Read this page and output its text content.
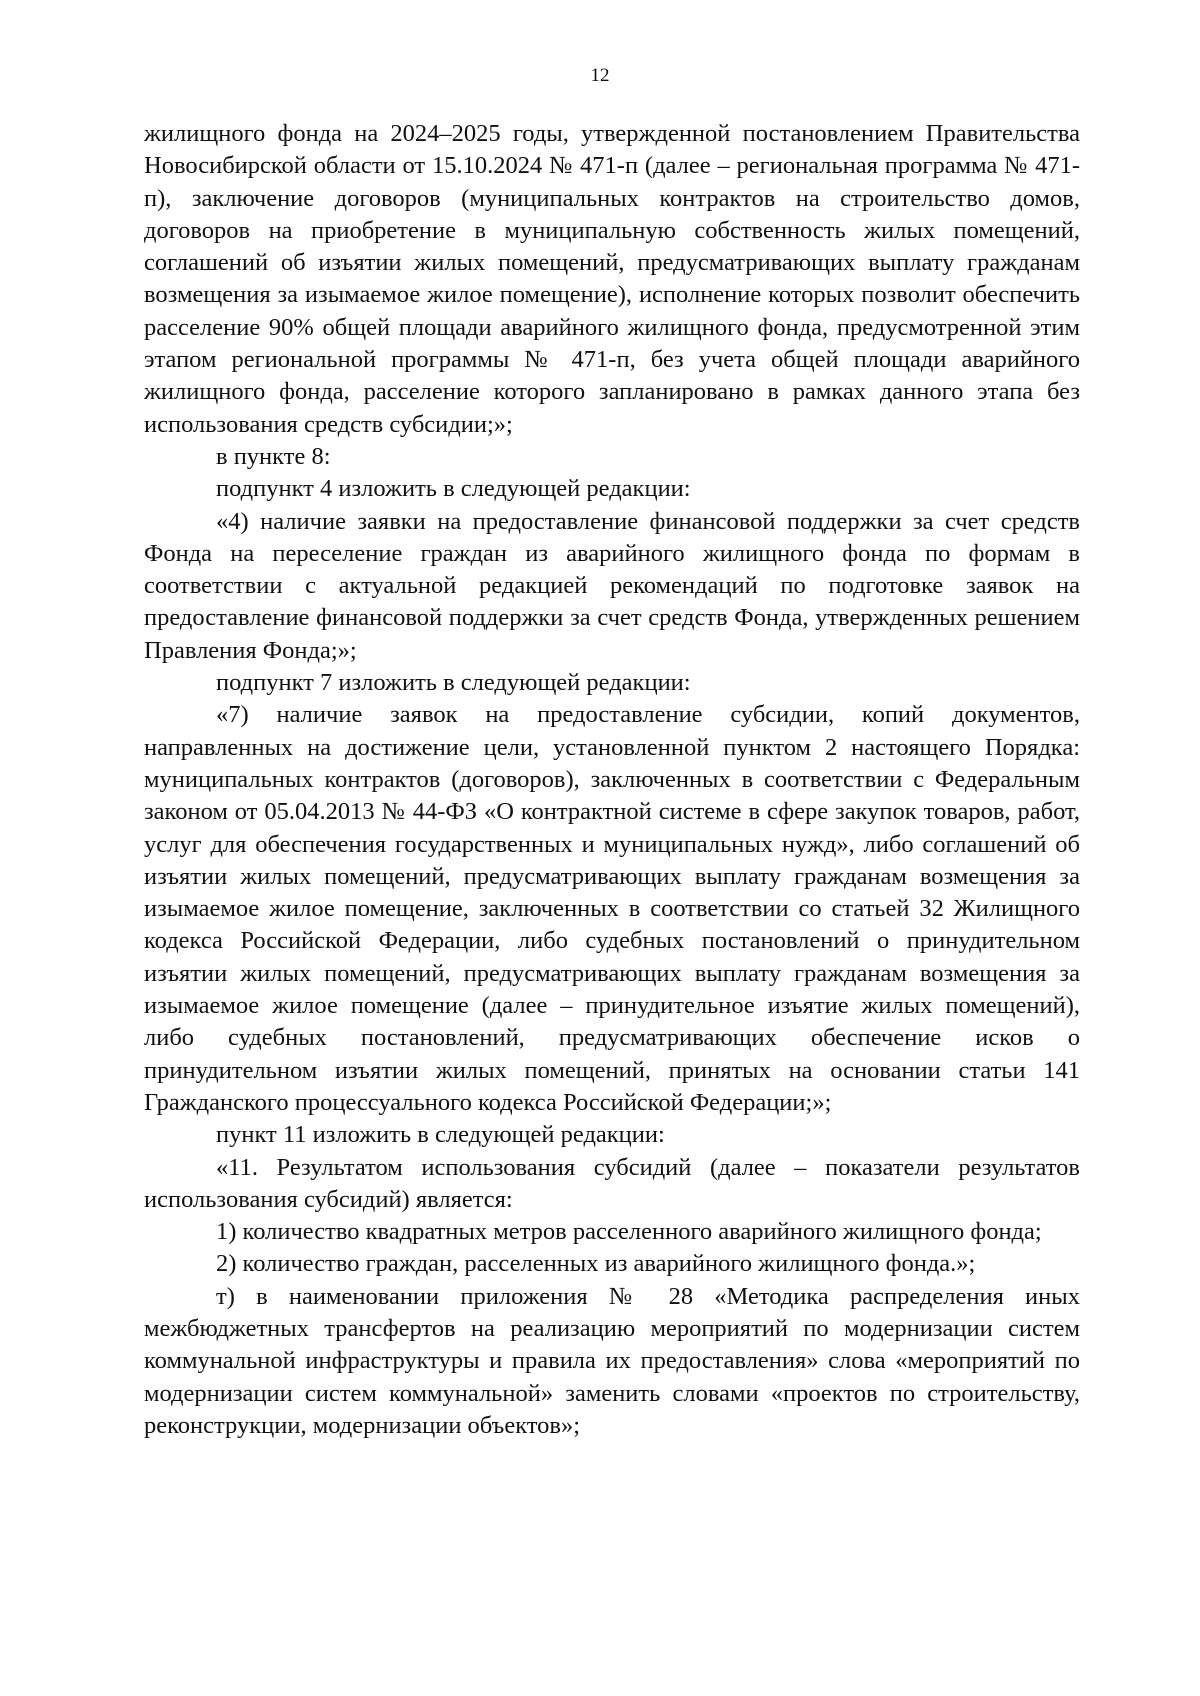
12

жилищного фонда на 2024–2025 годы, утвержденной постановлением Правительства Новосибирской области от 15.10.2024 № 471-п (далее – региональная программа № 471-п), заключение договоров (муниципальных контрактов на строительство домов, договоров на приобретение в муниципальную собственность жилых помещений, соглашений об изъятии жилых помещений, предусматривающих выплату гражданам возмещения за изымаемое жилое помещение), исполнение которых позволит обеспечить расселение 90% общей площади аварийного жилищного фонда, предусмотренной этим этапом региональной программы № 471-п, без учета общей площади аварийного жилищного фонда, расселение которого запланировано в рамках данного этапа без использования средств субсидии;»;

в пункте 8:

подпункт 4 изложить в следующей редакции:

«4) наличие заявки на предоставление финансовой поддержки за счет средств Фонда на переселение граждан из аварийного жилищного фонда по формам в соответствии с актуальной редакцией рекомендаций по подготовке заявок на предоставление финансовой поддержки за счет средств Фонда, утвержденных решением Правления Фонда;»;

подпункт 7 изложить в следующей редакции:

«7) наличие заявок на предоставление субсидии, копий документов, направленных на достижение цели, установленной пунктом 2 настоящего Порядка: муниципальных контрактов (договоров), заключенных в соответствии с Федеральным законом от 05.04.2013 № 44-ФЗ «О контрактной системе в сфере закупок товаров, работ, услуг для обеспечения государственных и муниципальных нужд», либо соглашений об изъятии жилых помещений, предусматривающих выплату гражданам возмещения за изымаемое жилое помещение, заключенных в соответствии со статьей 32 Жилищного кодекса Российской Федерации, либо судебных постановлений о принудительном изъятии жилых помещений, предусматривающих выплату гражданам возмещения за изымаемое жилое помещение (далее – принудительное изъятие жилых помещений), либо судебных постановлений, предусматривающих обеспечение исков о принудительном изъятии жилых помещений, принятых на основании статьи 141 Гражданского процессуального кодекса Российской Федерации;»;

пункт 11 изложить в следующей редакции:

«11. Результатом использования субсидий (далее – показатели результатов использования субсидий) является:

1) количество квадратных метров расселенного аварийного жилищного фонда;

2) количество граждан, расселенных из аварийного жилищного фонда.»;

т) в наименовании приложения № 28 «Методика распределения иных межбюджетных трансфертов на реализацию мероприятий по модернизации систем коммунальной инфраструктуры и правила их предоставления» слова «мероприятий по модернизации систем коммунальной» заменить словами «проектов по строительству, реконструкции, модернизации объектов»;
